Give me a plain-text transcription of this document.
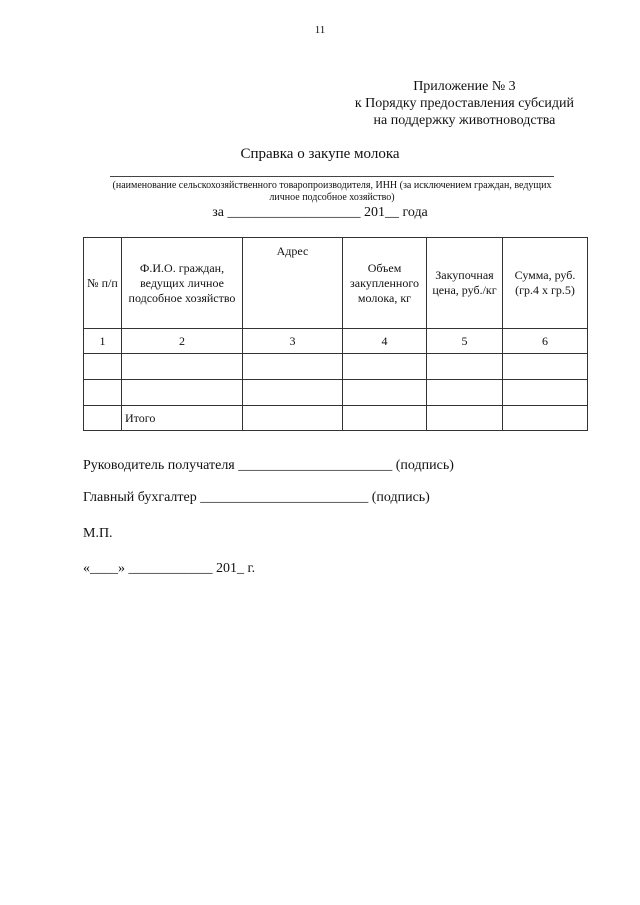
11
Приложение № 3
к Порядку предоставления субсидий
на поддержку животноводства
Справка о закупе молока
(наименование сельскохозяйственного товаропроизводителя, ИНН (за исключением граждан, ведущих
личное подсобное хозяйство)
за ___________________ 201__ года
№ п/п	Ф.И.О. граждан, ведущих личное подсобное хозяйство	Адрес	Объем закупленного молока, кг	Закупочная цена, руб./кг	Сумма, руб. (гр.4 х гр.5)
1	2	3	4	5	6

	Итого				
Руководитель получателя ______________________ (подпись)
Главный бухгалтер ________________________ (подпись)
М.П.
«____» ____________ 201_ г.
